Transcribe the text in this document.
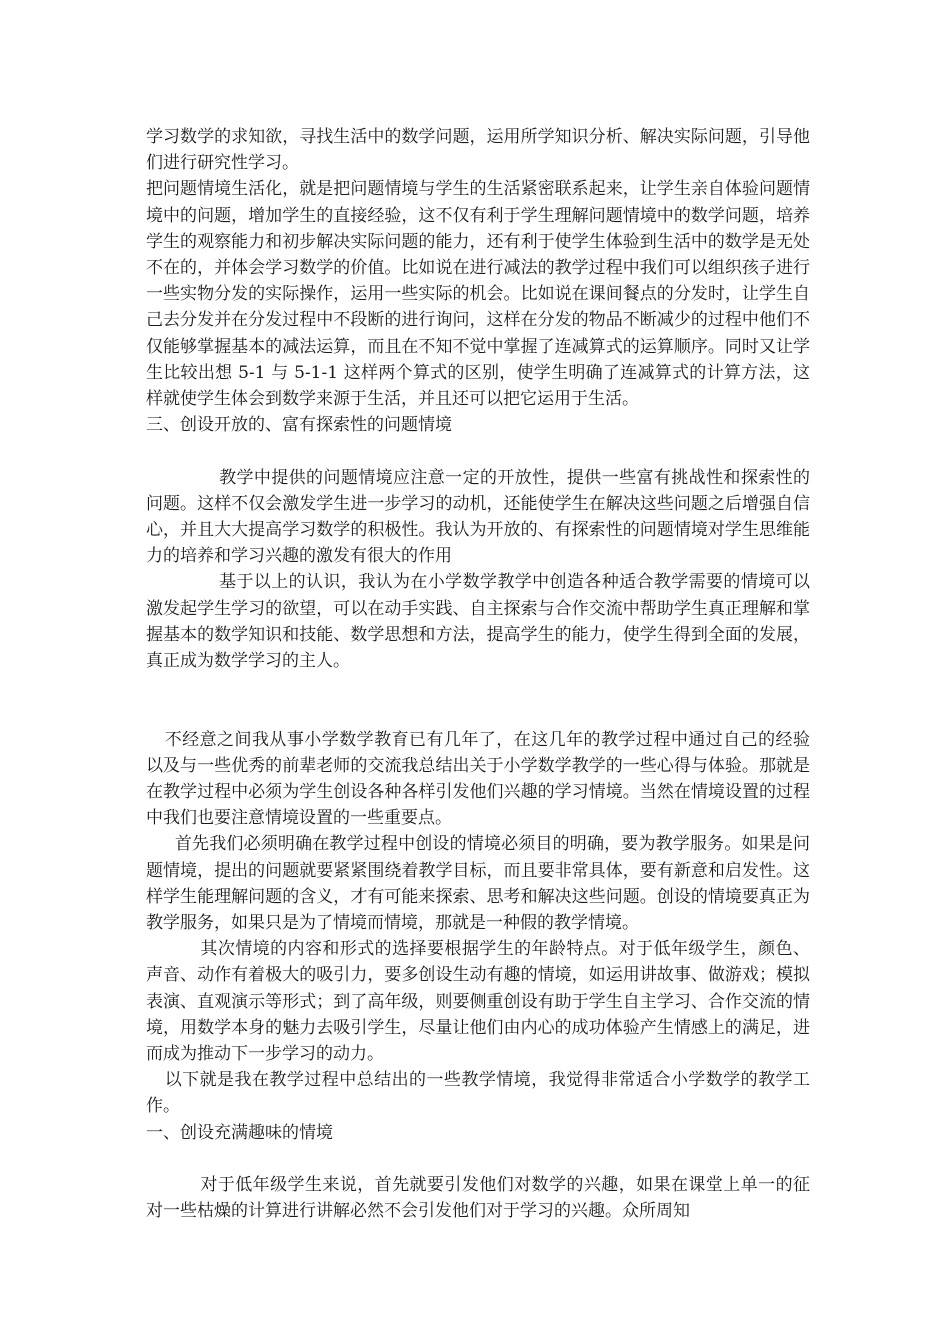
学习数学的求知欲，寻找生活中的数学问题，运用所学知识分析、解决实际问题，引导他们进行研究性学习。

把问题情境生活化，就是把问题情境与学生的生活紧密联系起来，让学生亲自体验问题情境中的问题，增加学生的直接经验，这不仅有利于学生理解问题情境中的数学问题，培养学生的观察能力和初步解决实际问题的能力，还有利于使学生体验到生活中的数学是无处不在的，并体会学习数学的价值。比如说在进行减法的教学过程中我们可以组织孩子进行一些实物分发的实际操作，运用一些实际的机会。比如说在课间餐点的分发时，让学生自己去分发并在分发过程中不段断的进行询问，这样在分发的物品不断减少的过程中他们不仅能够掌握基本的减法运算，而且在不知不觉中掌握了连减算式的运算顺序。同时又让学生比较出想 5-1 与 5-1-1 这样两个算式的区别，使学生明确了连减算式的计算方法，这样就使学生体会到数学来源于生活，并且还可以把它运用于生活。

三、创设开放的、富有探索性的问题情境

教学中提供的问题情境应注意一定的开放性，提供一些富有挑战性和探索性的问题。这样不仅会激发学生进一步学习的动机，还能使学生在解决这些问题之后增强自信心，并且大大提高学习数学的积极性。我认为开放的、有探索性的问题情境对学生思维能力的培养和学习兴趣的激发有很大的作用

基于以上的认识，我认为在小学数学教学中创造各种适合教学需要的情境可以激发起学生学习的欲望，可以在动手实践、自主探索与合作交流中帮助学生真正理解和掌握基本的数学知识和技能、数学思想和方法，提高学生的能力，使学生得到全面的发展，真正成为数学学习的主人。

不经意之间我从事小学数学教育已有几年了，在这几年的教学过程中通过自己的经验以及与一些优秀的前辈老师的交流我总结出关于小学数学教学的一些心得与体验。那就是在教学过程中必须为学生创设各种各样引发他们兴趣的学习情境。当然在情境设置的过程中我们也要注意情境设置的一些重要点。

首先我们必须明确在教学过程中创设的情境必须目的明确，要为教学服务。如果是问题情境，提出的问题就要紧紧围绕着教学目标，而且要非常具体，要有新意和启发性。这样学生能理解问题的含义，才有可能来探索、思考和解决这些问题。创设的情境要真正为教学服务，如果只是为了情境而情境，那就是一种假的教学情境。

其次情境的内容和形式的选择要根据学生的年龄特点。对于低年级学生，颜色、声音、动作有着极大的吸引力，要多创设生动有趣的情境，如运用讲故事、做游戏；模拟表演、直观演示等形式；到了高年级，则要侧重创设有助于学生自主学习、合作交流的情境，用数学本身的魅力去吸引学生，尽量让他们由内心的成功体验产生情感上的满足，进而成为推动下一步学习的动力。

以下就是我在教学过程中总结出的一些教学情境，我觉得非常适合小学数学的教学工作。

一、创设充满趣味的情境

对于低年级学生来说，首先就要引发他们对数学的兴趣，如果在课堂上单一的征对一些枯燥的计算进行讲解必然不会引发他们对于学习的兴趣。众所周知
